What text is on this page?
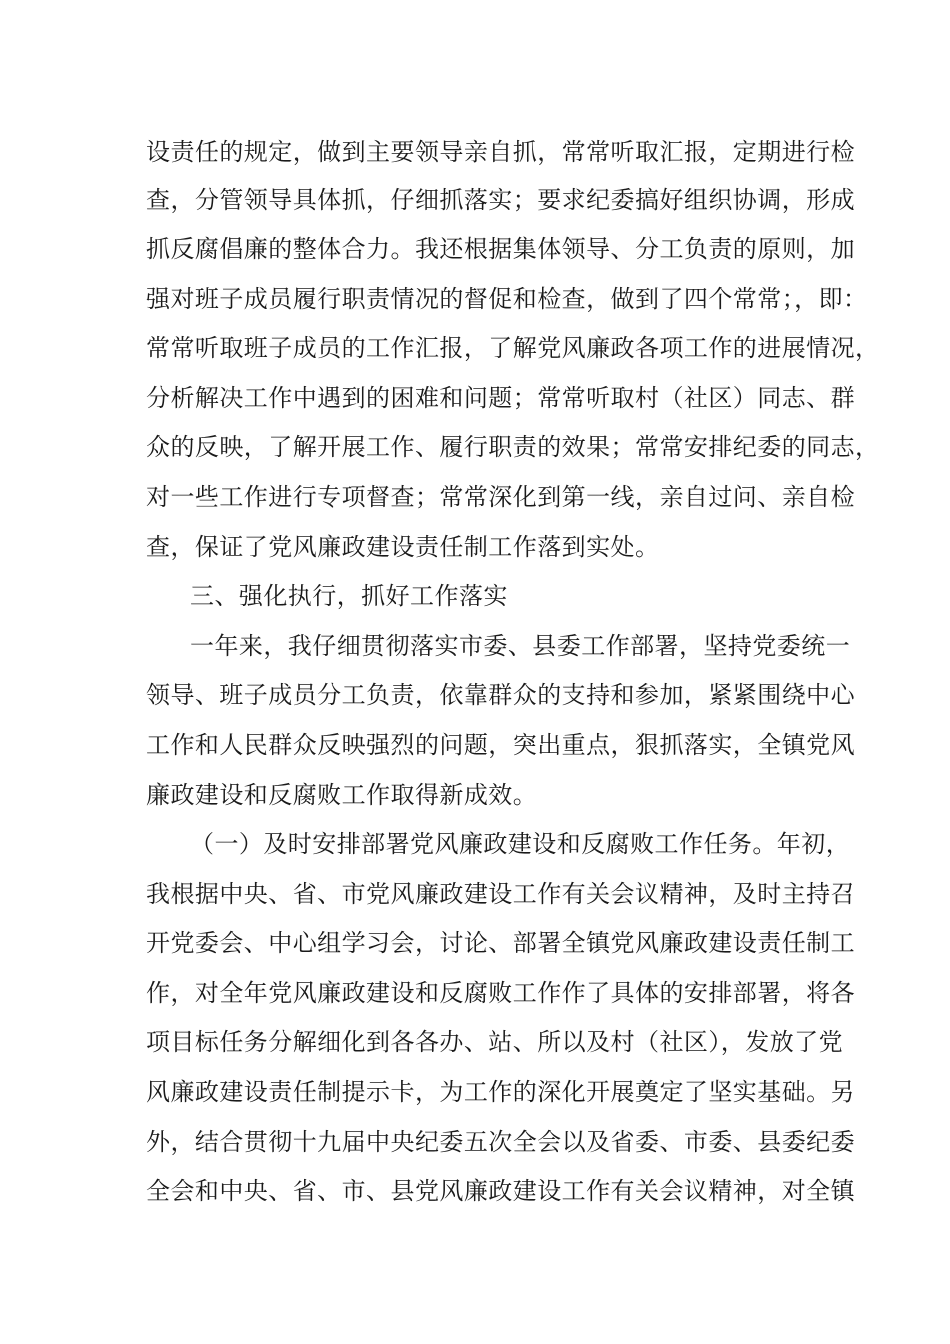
设责任的规定，做到主要领导亲自抓，常常听取汇报，定期进行检
查，分管领导具体抓，仔细抓落实；要求纪委搞好组织协调，形成
抓反腐倡廉的整体合力。我还根据集体领导、分工负责的原则，加
强对班子成员履行职责情况的督促和检查，做到了四个常常；，即：
常常听取班子成员的工作汇报，了解党风廉政各项工作的进展情况，
分析解决工作中遇到的困难和问题；常常听取村（社区）同志、群
众的反映，了解开展工作、履行职责的效果；常常安排纪委的同志，
对一些工作进行专项督查；常常深化到第一线，亲自过问、亲自检
查，保证了党风廉政建设责任制工作落到实处。
三、强化执行，抓好工作落实
一年来，我仔细贯彻落实市委、县委工作部署，坚持党委统一
领导、班子成员分工负责，依靠群众的支持和参加，紧紧围绕中心
工作和人民群众反映强烈的问题，突出重点，狠抓落实，全镇党风
廉政建设和反腐败工作取得新成效。
（一）及时安排部署党风廉政建设和反腐败工作任务。年初，
我根据中央、省、市党风廉政建设工作有关会议精神，及时主持召
开党委会、中心组学习会，讨论、部署全镇党风廉政建设责任制工
作，对全年党风廉政建设和反腐败工作作了具体的安排部署，将各
项目标任务分解细化到各各办、站、所以及村（社区），发放了党
风廉政建设责任制提示卡，为工作的深化开展奠定了坚实基础。另
外，结合贯彻十九届中央纪委五次全会以及省委、市委、县委纪委
全会和中央、省、市、县党风廉政建设工作有关会议精神，对全镇
